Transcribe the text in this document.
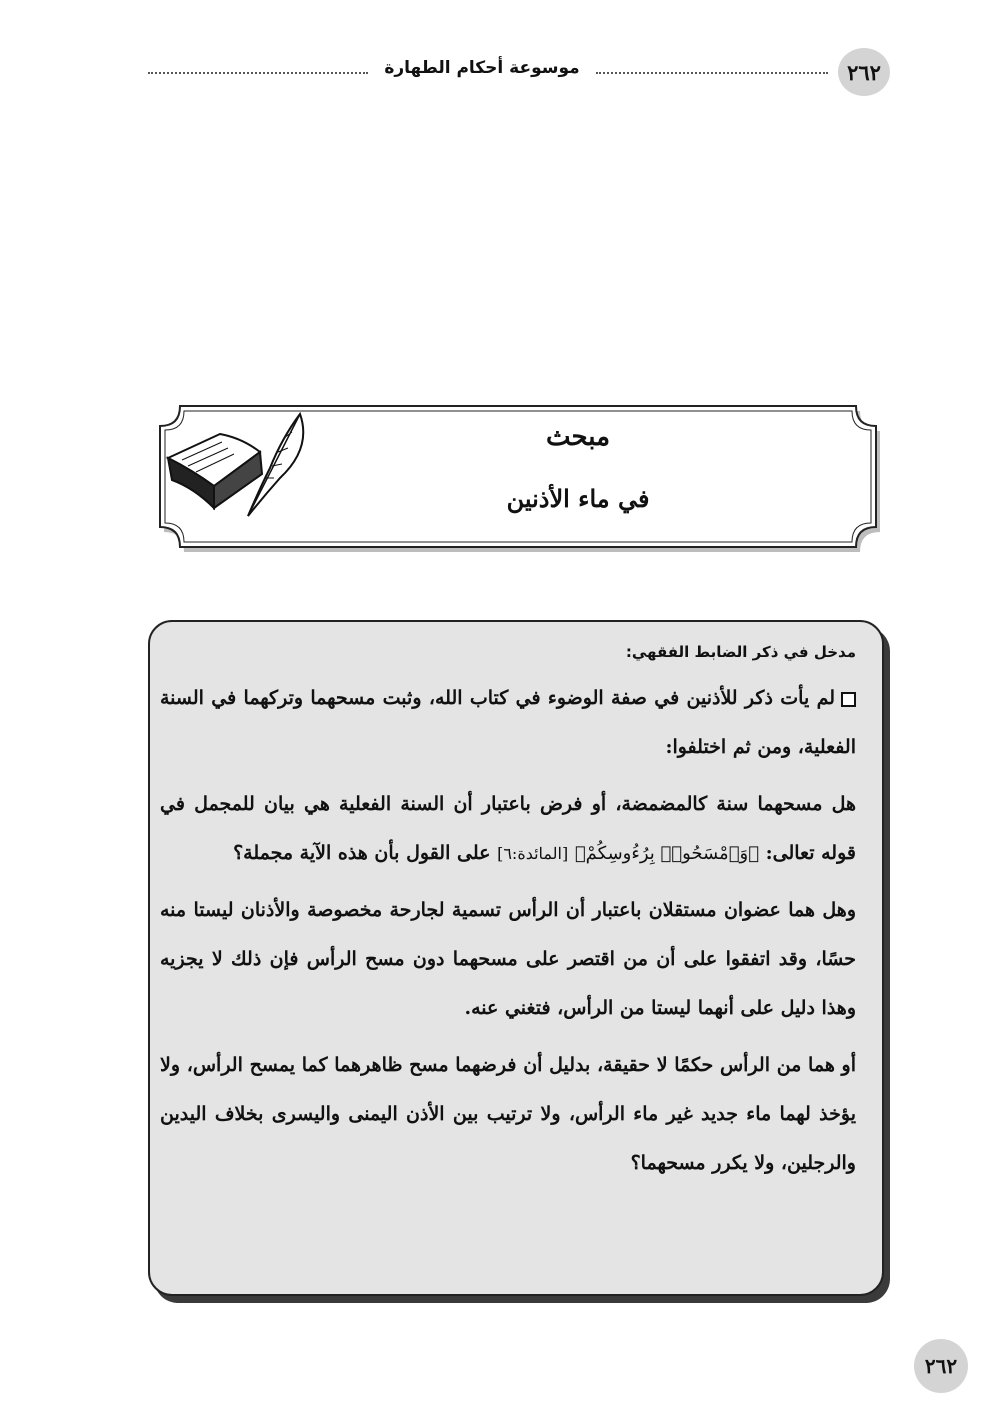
موسوعة أحكام الطهارة	٢٦٢
مبحث
في ماء الأذنين
مدخل في ذكر الضابط الفقهي:

لم يأت ذكر للأذنين في صفة الوضوء في كتاب الله، وثبت مسحهما وتركهما في السنة الفعلية، ومن ثم اختلفوا:

هل مسحهما سنة كالمضمضة، أو فرض باعتبار أن السنة الفعلية هي بيان للمجمل في قوله تعالى: ﴿وَٱمْسَحُوا۟ بِرُءُوسِكُمْ﴾ [المائدة:٦] على القول بأن هذه الآية مجملة؟

وهل هما عضوان مستقلان باعتبار أن الرأس تسمية لجارحة مخصوصة والأذنان ليستا منه حسًا، وقد اتفقوا على أن من اقتصر على مسحهما دون مسح الرأس فإن ذلك لا يجزيه وهذا دليل على أنهما ليستا من الرأس، فتغني عنه.

أو هما من الرأس حكمًا لا حقيقة، بدليل أن فرضهما مسح ظاهرهما كما يمسح الرأس، ولا يؤخذ لهما ماء جديد غير ماء الرأس، ولا ترتيب بين الأذن اليمنى واليسرى بخلاف اليدين والرجلين، ولا يكرر مسحهما؟

٢٦٢
